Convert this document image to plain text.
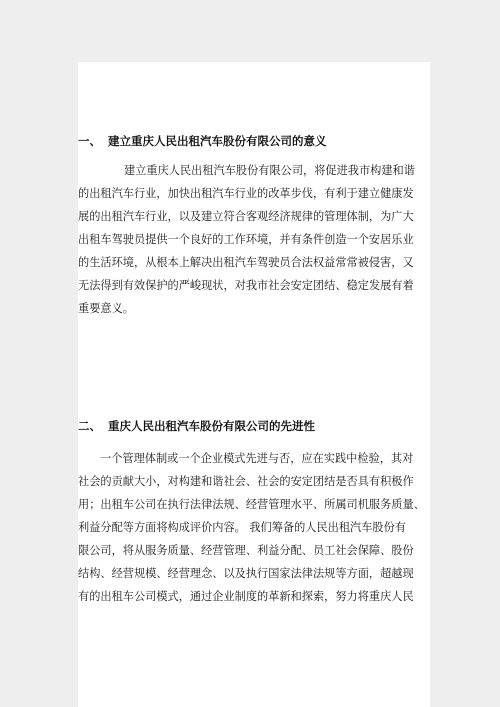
一、 建立重庆人民出租汽车股份有限公司的意义
建立重庆人民出租汽车股份有限公司，将促进我市构建和谐
的出租汽车行业，加快出租汽车行业的改革步伐，有利于建立健康发
展的出租汽车行业，以及建立符合客观经济规律的管理体制，为广大
出租车驾驶员提供一个良好的工作环境，并有条件创造一个安居乐业
的生活环境，从根本上解决出租汽车驾驶员合法权益常常被侵害，又
无法得到有效保护的严峻现状，对我市社会安定团结、稳定发展有着
重要意义。
二、 重庆人民出租汽车股份有限公司的先进性
一个管理体制或一个企业模式先进与否，应在实践中检验，其对
社会的贡献大小，对构建和谐社会、社会的安定团结是否具有积极作
用；出租车公司在执行法律法规、经营管理水平、所属司机服务质量、
利益分配等方面将构成评价内容。 我们筹备的人民出租汽车股份有
限公司，将从服务质量、经营管理、利益分配、员工社会保障、股份
结构、经营规模、经营理念、以及执行国家法律法规等方面，超越现
有的出租车公司模式，通过企业制度的革新和探索，努力将重庆人民
